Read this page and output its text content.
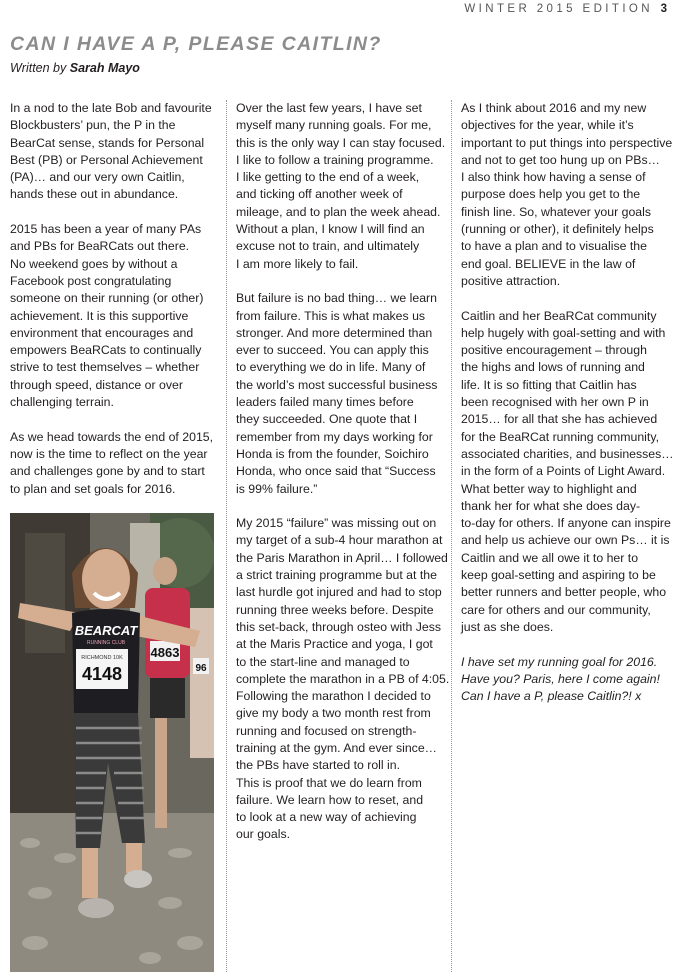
WINTER 2015 EDITION 3
CAN I HAVE A P, PLEASE CAITLIN?
Written by Sarah Mayo

In a nod to the late Bob and favourite
Blockbusters’ pun, the P in the
BearCat sense, stands for Personal
Best (PB) or Personal Achievement
(PA)… and our very own Caitlin,
hands these out in abundance.

2015 has been a year of many PAs
and PBs for BeaRCats out there.
No weekend goes by without a
Facebook post congratulating
someone on their running (or other)
achievement. It is this supportive
environment that encourages and
empowers BeaRCats to continually
strive to test themselves – whether
through speed, distance or over
challenging terrain.

As we head towards the end of 2015,
now is the time to reflect on the year
and challenges gone by and to start
to plan and set goals for 2016.

4863
96
BEARCAT
RUNNING CLUB
RICHMOND 10K
4148

Over the last few years, I have set
myself many running goals. For me,
this is the only way I can stay focused.
I like to follow a training programme.
I like getting to the end of a week,
and ticking off another week of
mileage, and to plan the week ahead.
Without a plan, I know I will find an
excuse not to train, and ultimately
I am more likely to fail.

But failure is no bad thing… we learn
from failure. This is what makes us
stronger. And more determined than
ever to succeed. You can apply this
to everything we do in life. Many of
the world’s most successful business
leaders failed many times before
they succeeded. One quote that I
remember from my days working for
Honda is from the founder, Soichiro
Honda, who once said that “Success
is 99% failure.”

My 2015 “failure” was missing out on
my target of a sub-4 hour marathon at
the Paris Marathon in April… I followed
a strict training programme but at the
last hurdle got injured and had to stop
running three weeks before. Despite
this set-back, through osteo with Jess
at the Maris Practice and yoga, I got
to the start-line and managed to
complete the marathon in a PB of 4:05.
Following the marathon I decided to
give my body a two month rest from
running and focused on strength-
training at the gym. And ever since…
the PBs have started to roll in.
This is proof that we do learn from
failure. We learn how to reset, and
to look at a new way of achieving
our goals.

As I think about 2016 and my new
objectives for the year, while it’s
important to put things into perspective
and not to get too hung up on PBs…
I also think how having a sense of
purpose does help you get to the
finish line. So, whatever your goals
(running or other), it definitely helps
to have a plan and to visualise the
end goal. BELIEVE in the law of
positive attraction.

Caitlin and her BeaRCat community
help hugely with goal-setting and with
positive encouragement – through
the highs and lows of running and
life. It is so fitting that Caitlin has
been recognised with her own P in
2015… for all that she has achieved
for the BeaRCat running community,
associated charities, and businesses…
in the form of a Points of Light Award.
What better way to highlight and
thank her for what she does day-
to-day for others. If anyone can inspire
and help us achieve our own Ps… it is
Caitlin and we all owe it to her to
keep goal-setting and aspiring to be
better runners and better people, who
care for others and our community,
just as she does.

I have set my running goal for 2016.
Have you? Paris, here I come again!
Can I have a P, please Caitlin?! x
